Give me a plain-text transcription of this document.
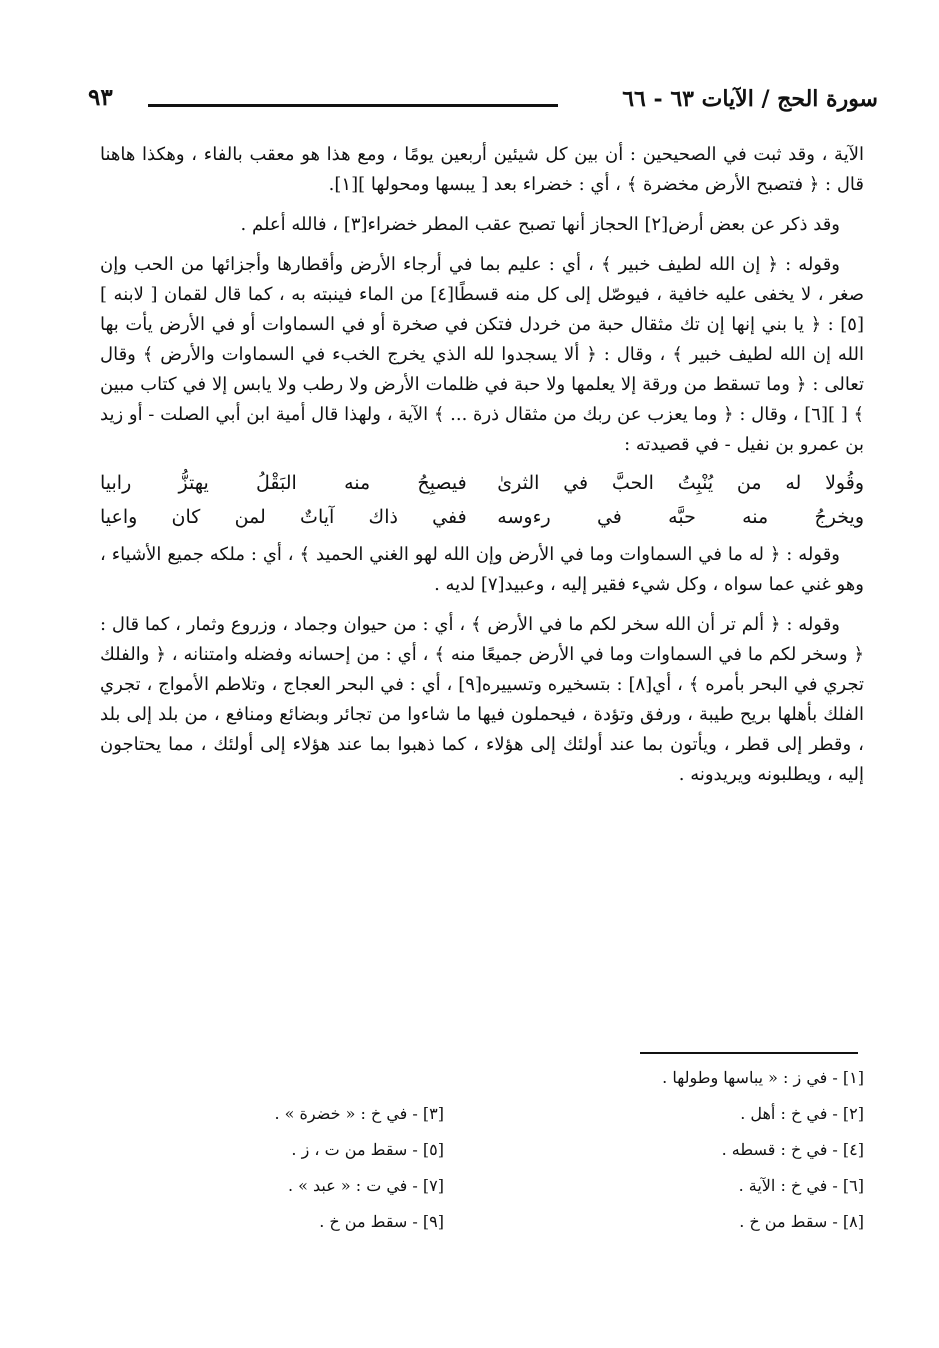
سورة الحج / الآيات ٦٣ - ٦٦
٩٣

الآية ، وقد ثبت في الصحيحين : أن بين كل شيئين أربعين يومًا ، ومع هذا هو معقب بالفاء ، وهكذا هاهنا قال : ﴿ فتصبح الأرض مخضرة ﴾ ، أي : خضراء بعد [ يبسها ومحولها ][١].

وقد ذكر عن بعض أرض[٢] الحجاز أنها تصبح عقب المطر خضراء[٣] ، فالله أعلم .

وقوله : ﴿ إن الله لطيف خبير ﴾ ، أي : عليم بما في أرجاء الأرض وأقطارها وأجزائها من الحب وإن صغر ، لا يخفى عليه خافية ، فيوصّل إلى كل منه قسطًا[٤] من الماء فينبته به ، كما قال لقمان [ لابنه ][٥] : ﴿ يا بني إنها إن تك مثقال حبة من خردل فتكن في صخرة أو في السماوات أو في الأرض يأت بها الله إن الله لطيف خبير ﴾ ، وقال : ﴿ ألا يسجدوا لله الذي يخرج الخبء في السماوات والأرض ﴾ وقال تعالى : ﴿ وما تسقط من ورقة إلا يعلمها ولا حبة في ظلمات الأرض ولا رطب ولا يابس إلا في كتاب مبين ﴾ [ ][٦] ، وقال : ﴿ وما يعزب عن ربك من مثقال ذرة ... ﴾ الآية ، ولهذا قال أمية ابن أبي الصلت - أو زيد بن عمرو بن نفيل - في قصيدته :

وقُولا له من يُنْبِتُ الحبَّ في الثرىٰ
فيصبِحُ منه البَقْلُ يهتزُّ رابيا
ويخرجُ منه حبَّه في رءوسه
ففي ذاك آياتٌ لمن كان واعيا

وقوله : ﴿ له ما في السماوات وما في الأرض وإن الله لهو الغني الحميد ﴾ ، أي : ملكه جميع الأشياء ، وهو غني عما سواه ، وكل شيء فقير إليه ، وعبيد[٧] لديه .

وقوله : ﴿ ألم تر أن الله سخر لكم ما في الأرض ﴾ ، أي : من حيوان وجماد ، وزروع وثمار ، كما قال : ﴿ وسخر لكم ما في السماوات وما في الأرض جميعًا منه ﴾ ، أي : من إحسانه وفضله وامتنانه ، ﴿ والفلك تجري في البحر بأمره ﴾ ، أي[٨] : بتسخيره وتسييره[٩] ، أي : في البحر العجاج ، وتلاطم الأمواج ، تجري الفلك بأهلها بريح طيبة ، ورفق وتؤدة ، فيحملون فيها ما شاءوا من تجائر وبضائع ومنافع ، من بلد إلى بلد ، وقطر إلى قطر ، ويأتون بما عند أولئك إلى هؤلاء ، كما ذهبوا بما عند هؤلاء إلى أولئك ، مما يحتاجون إليه ، ويطلبونه ويريدونه .

[١] - في ز : « يباسها وطولها .
[٢] - في خ : أهل .
[٣] - في خ : « خضرة » .
[٤] - في خ : قسطه .
[٥] - سقط من ت ، ز .
[٦] - في خ : الآية .
[٧] - في ت : « عبد » .
[٨] - سقط من خ .
[٩] - سقط من خ .
